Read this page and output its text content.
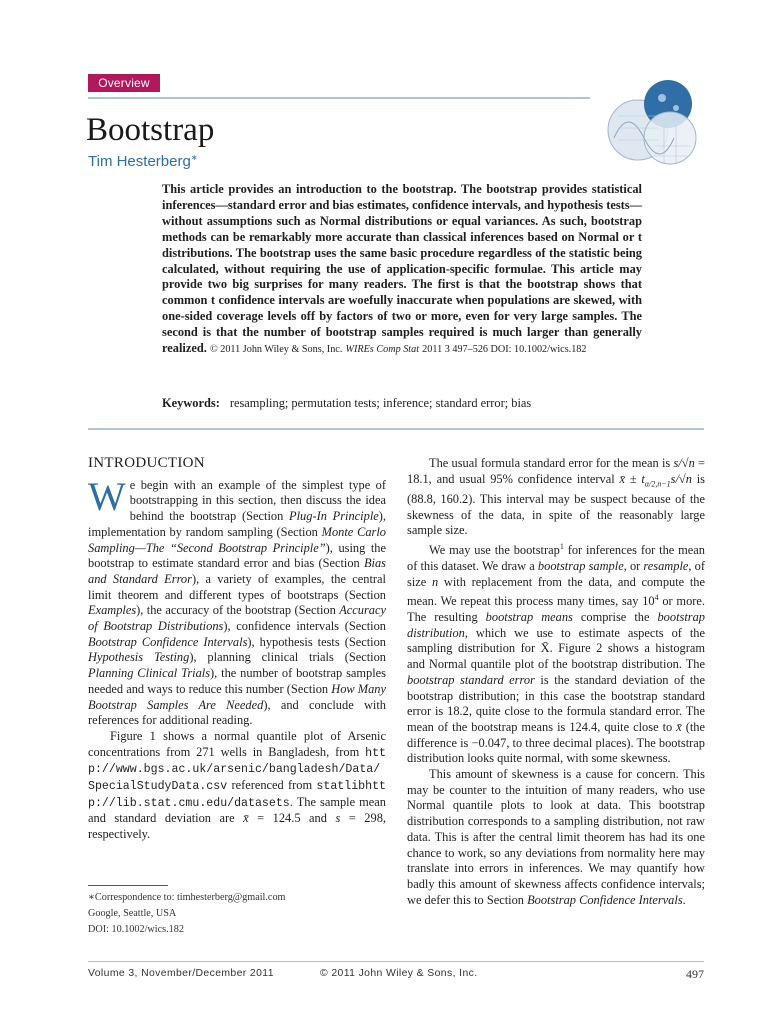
Overview
Bootstrap
Tim Hesterberg∗

This article provides an introduction to the bootstrap. The bootstrap provides statistical inferences—standard error and bias estimates, confidence intervals, and hypothesis tests—without assumptions such as Normal distributions or equal variances. As such, bootstrap methods can be remarkably more accurate than classical inferences based on Normal or t distributions. The bootstrap uses the same basic procedure regardless of the statistic being calculated, without requiring the use of application-specific formulae. This article may provide two big surprises for many readers. The first is that the bootstrap shows that common t confidence intervals are woefully inaccurate when populations are skewed, with one-sided coverage levels off by factors of two or more, even for very large samples. The second is that the number of bootstrap samples required is much larger than generally realized. © 2011 John Wiley & Sons, Inc. WIREs Comp Stat 2011 3 497–526 DOI: 10.1002/wics.182

Keywords: resampling; permutation tests; inference; standard error; bias
INTRODUCTION

We begin with an example of the simplest type of bootstrapping in this section, then discuss the idea behind the bootstrap (Section Plug-In Principle), implementation by random sampling (Section Monte Carlo Sampling—The “Second Bootstrap Principle”), using the bootstrap to estimate standard error and bias (Section Bias and Standard Error), a variety of examples, the central limit theorem and different types of bootstraps (Section Examples), the accuracy of the bootstrap (Section Accuracy of Bootstrap Distributions), confidence intervals (Section Bootstrap Confidence Intervals), hypothesis tests (Section Hypothesis Testing), planning clinical trials (Section Planning Clinical Trials), the number of bootstrap samples needed and ways to reduce this number (Section How Many Bootstrap Samples Are Needed), and conclude with references for additional reading.

Figure 1 shows a normal quantile plot of Arsenic concentrations from 271 wells in Bangladesh, from http://www.bgs.ac.uk/arsenic/bangladesh/Data/SpecialStudyData.csv referenced from statlibhttp://lib.stat.cmu.edu/datasets. The sample mean and standard deviation are x̄ = 124.5 and s = 298, respectively.

The usual formula standard error for the mean is s/√n = 18.1, and usual 95% confidence interval x̄ ± $t_{\alpha/2,n-1}s/√n$ is (88.8, 160.2). This interval may be suspect because of the skewness of the data, in spite of the reasonably large sample size.

We may use the bootstrap$^1$ for inferences for the mean of this dataset. We draw a bootstrap sample, or resample, of size n with replacement from the data, and compute the mean. We repeat this process many times, say $10^4$ or more. The resulting bootstrap means comprise the bootstrap distribution, which we use to estimate aspects of the sampling distribution for X̄. Figure 2 shows a histogram and Normal quantile plot of the bootstrap distribution. The bootstrap standard error is the standard deviation of the bootstrap distribution; in this case the bootstrap standard error is 18.2, quite close to the formula standard error. The mean of the bootstrap means is 124.4, quite close to x̄ (the difference is −0.047, to three decimal places). The bootstrap distribution looks quite normal, with some skewness.

This amount of skewness is a cause for concern. This may be counter to the intuition of many readers, who use Normal quantile plots to look at data. This bootstrap distribution corresponds to a sampling distribution, not raw data. This is after the central limit theorem has had its one chance to work, so any deviations from normality here may translate into errors in inferences. We may quantify how badly this amount of skewness affects confidence intervals; we defer this to Section Bootstrap Confidence Intervals.

∗Correspondence to: timhesterberg@gmail.com
Google, Seattle, USA
DOI: 10.1002/wics.182
Volume 3, November/December 2011	© 2011 John Wiley & Sons, Inc.	497
